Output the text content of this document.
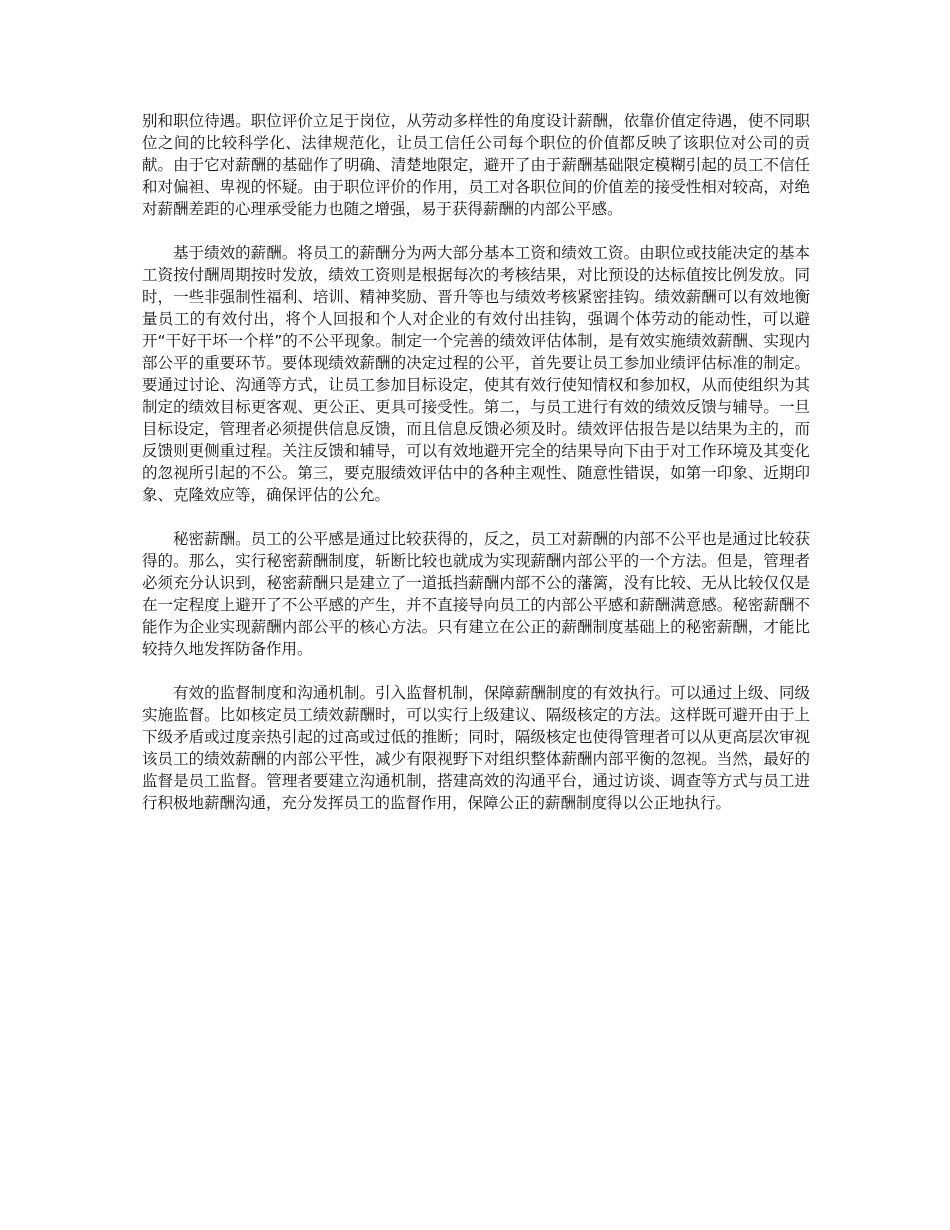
别和职位待遇。职位评价立足于岗位，从劳动多样性的角度设计薪酬，依靠价值定待遇，使不同职位之间的比较科学化、法律规范化，让员工信任公司每个职位的价值都反映了该职位对公司的贡献。由于它对薪酬的基础作了明确、清楚地限定，避开了由于薪酬基础限定模糊引起的员工不信任和对偏袒、卑视的怀疑。由于职位评价的作用，员工对各职位间的价值差的接受性相对较高，对绝对薪酬差距的心理承受能力也随之增强，易于获得薪酬的内部公平感。

基于绩效的薪酬。将员工的薪酬分为两大部分基本工资和绩效工资。由职位或技能决定的基本工资按付酬周期按时发放，绩效工资则是根据每次的考核结果，对比预设的达标值按比例发放。同时，一些非强制性福利、培训、精神奖励、晋升等也与绩效考核紧密挂钩。绩效薪酬可以有效地衡量员工的有效付出，将个人回报和个人对企业的有效付出挂钩，强调个体劳动的能动性，可以避开“干好干坏一个样”的不公平现象。制定一个完善的绩效评估体制，是有效实施绩效薪酬、实现内部公平的重要环节。要体现绩效薪酬的决定过程的公平，首先要让员工参加业绩评估标准的制定。要通过讨论、沟通等方式，让员工参加目标设定，使其有效行使知情权和参加权，从而使组织为其制定的绩效目标更客观、更公正、更具可接受性。第二，与员工进行有效的绩效反馈与辅导。一旦目标设定，管理者必须提供信息反馈，而且信息反馈必须及时。绩效评估报告是以结果为主的，而反馈则更侧重过程。关注反馈和辅导，可以有效地避开完全的结果导向下由于对工作环境及其变化的忽视所引起的不公。第三，要克服绩效评估中的各种主观性、随意性错误，如第一印象、近期印象、克隆效应等，确保评估的公允。

秘密薪酬。员工的公平感是通过比较获得的，反之，员工对薪酬的内部不公平也是通过比较获得的。那么，实行秘密薪酬制度，斩断比较也就成为实现薪酬内部公平的一个方法。但是，管理者必须充分认识到，秘密薪酬只是建立了一道抵挡薪酬内部不公的藩篱，没有比较、无从比较仅仅是在一定程度上避开了不公平感的产生，并不直接导向员工的内部公平感和薪酬满意感。秘密薪酬不能作为企业实现薪酬内部公平的核心方法。只有建立在公正的薪酬制度基础上的秘密薪酬，才能比较持久地发挥防备作用。

有效的监督制度和沟通机制。引入监督机制，保障薪酬制度的有效执行。可以通过上级、同级实施监督。比如核定员工绩效薪酬时，可以实行上级建议、隔级核定的方法。这样既可避开由于上下级矛盾或过度亲热引起的过高或过低的推断；同时，隔级核定也使得管理者可以从更高层次审视该员工的绩效薪酬的内部公平性，减少有限视野下对组织整体薪酬内部平衡的忽视。当然，最好的监督是员工监督。管理者要建立沟通机制，搭建高效的沟通平台，通过访谈、调查等方式与员工进行积极地薪酬沟通，充分发挥员工的监督作用，保障公正的薪酬制度得以公正地执行。
